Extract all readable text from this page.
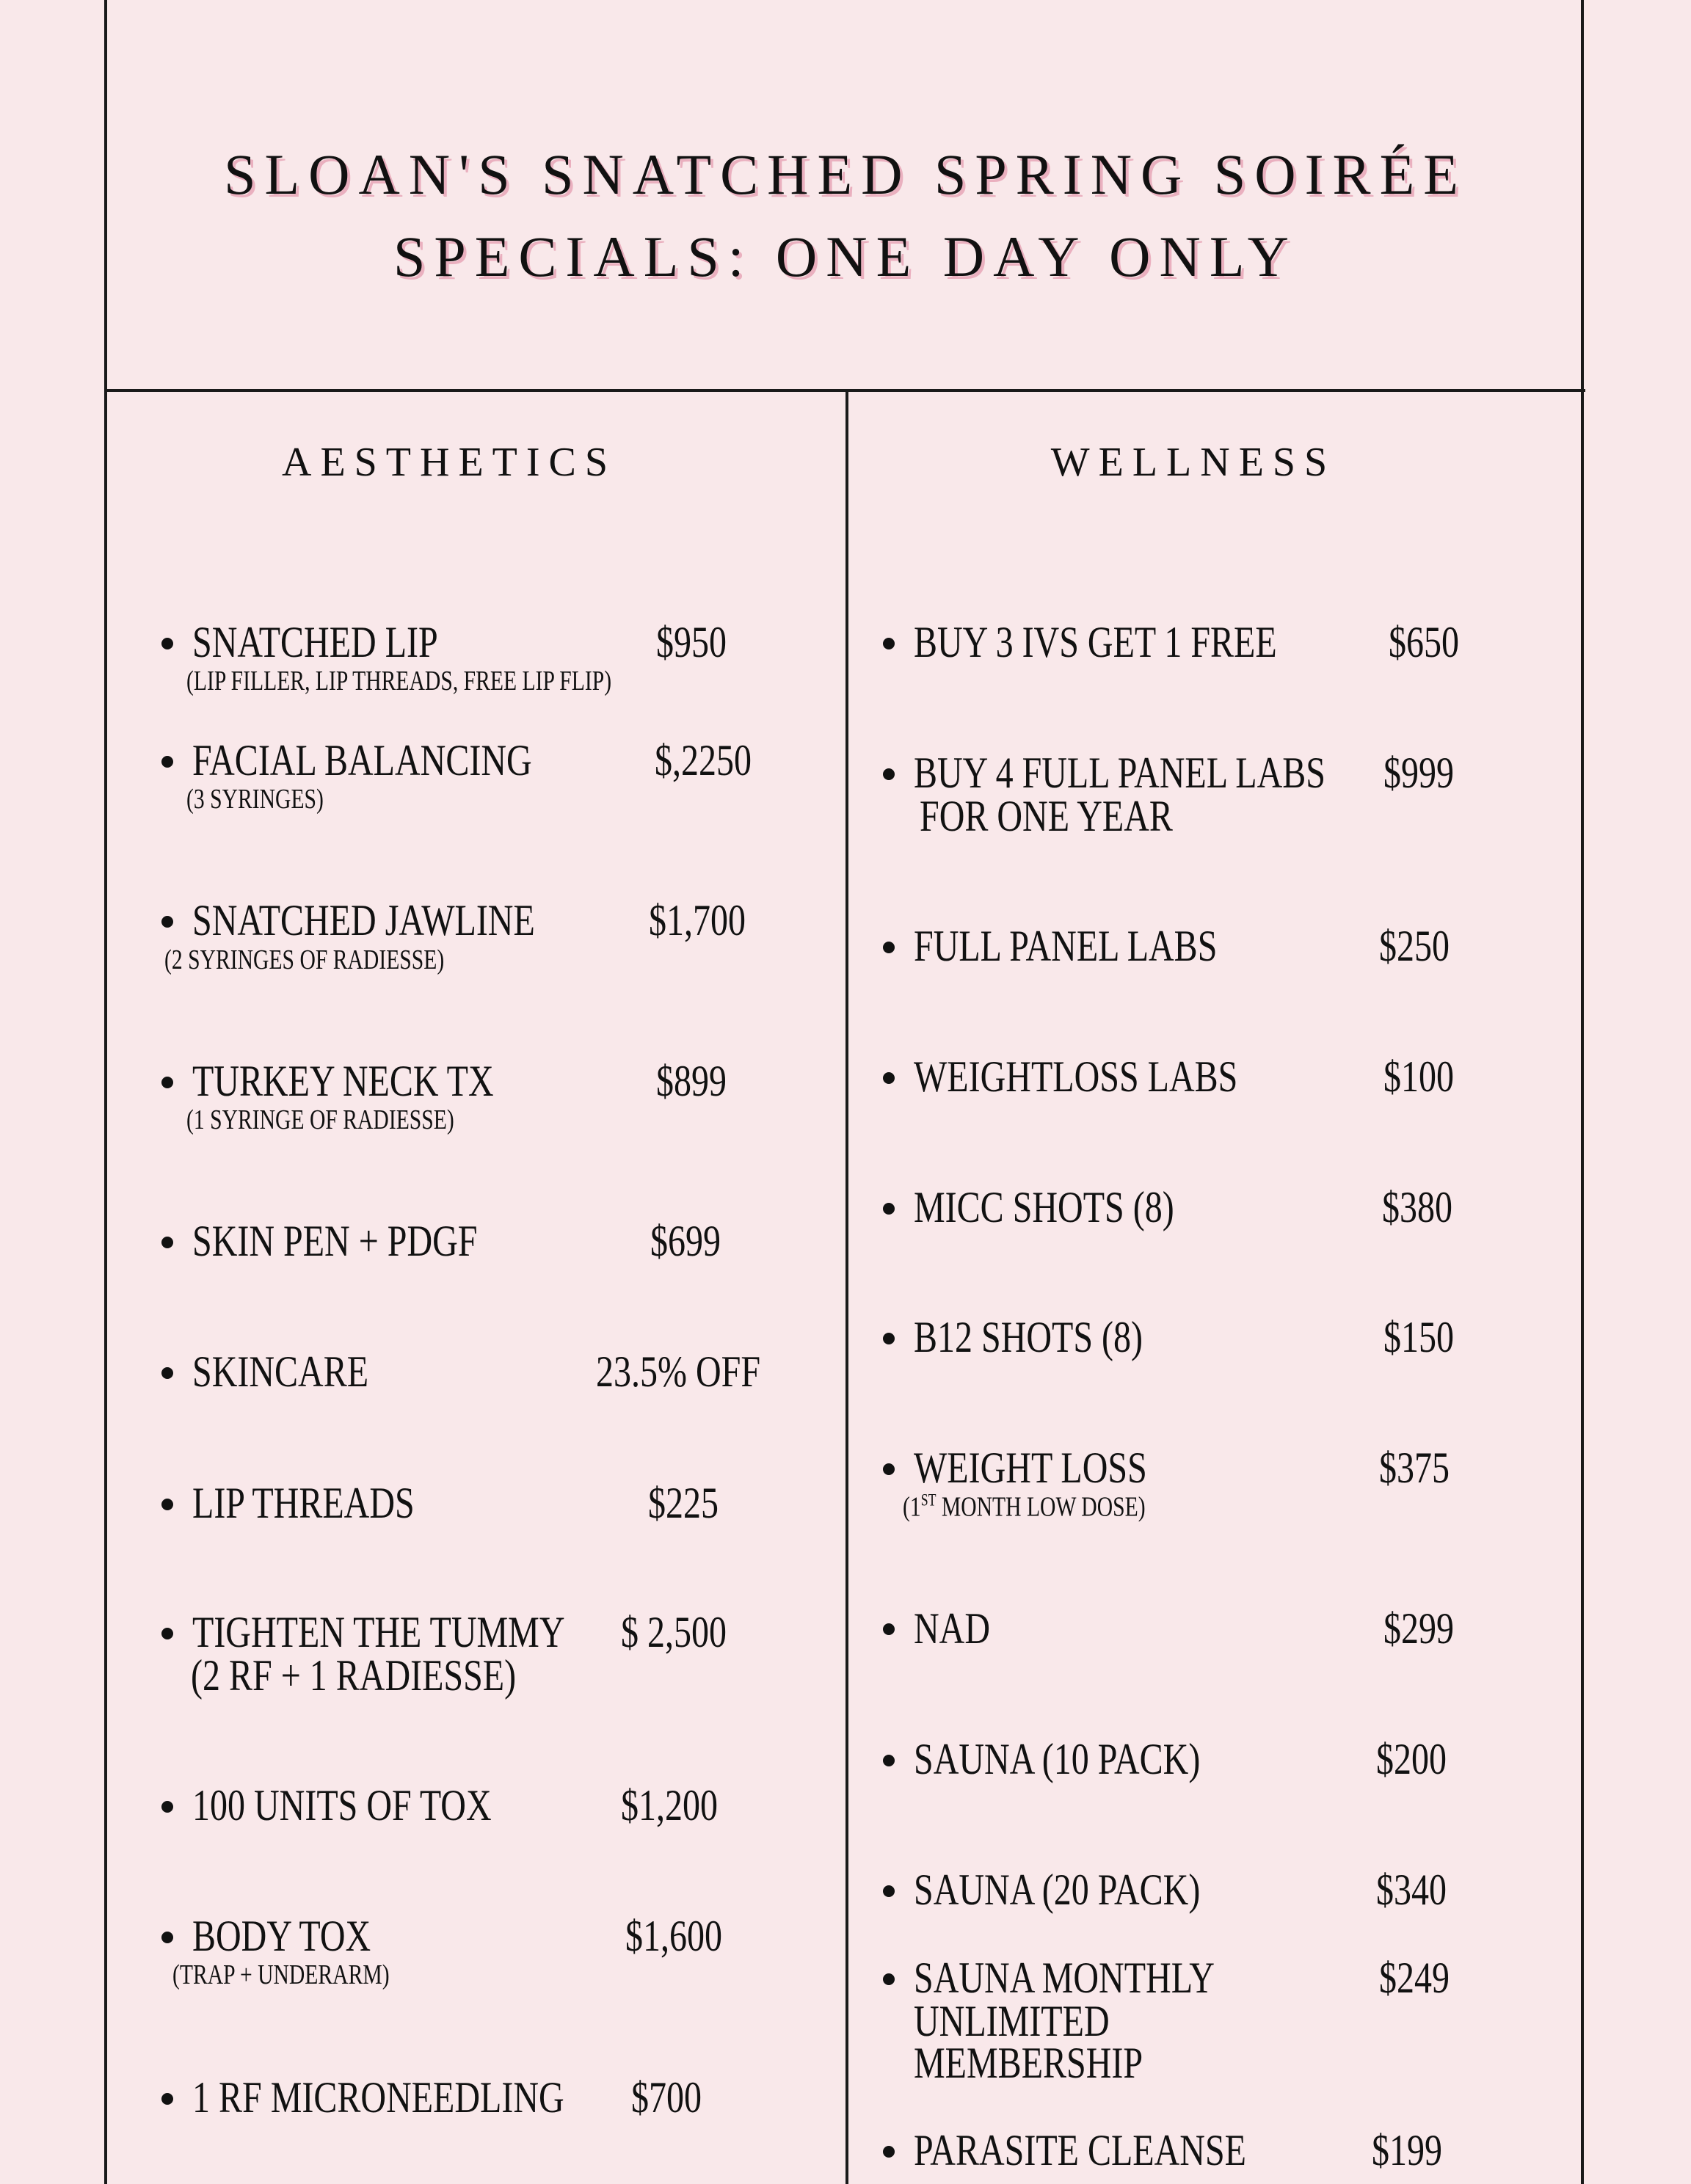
SLOAN'S SNATCHED SPRING SOIRÉE
SPECIALS: ONE DAY ONLY
AESTHETICS	WELLNESS
SNATCHED LIP	$950
(LIP FILLER, LIP THREADS, FREE LIP FLIP)
FACIAL BALANCING	$,2250
(3 SYRINGES)
SNATCHED JAWLINE	$1,700
(2 SYRINGES OF RADIESSE)
TURKEY NECK TX	$899
(1 SYRINGE OF RADIESSE)
SKIN PEN + PDGF	$699
SKINCARE	23.5% OFF
LIP THREADS	$225
TIGHTEN THE TUMMY $ 2,500
(2 RF + 1 RADIESSE)
100 UNITS OF TOX	$1,200
BODY TOX	$1,600
(TRAP + UNDERARM)
1 RF MICRONEEDLING $700
BUY 3 IVS GET 1 FREE	$650
BUY 4 FULL PANEL LABS $999
FOR ONE YEAR
FULL PANEL LABS	$250
WEIGHTLOSS LABS	$100
MICC SHOTS (8)	$380
B12 SHOTS (8)	$150
WEIGHT LOSS	$375
(1ST MONTH LOW DOSE)
NAD	$299
SAUNA (10 PACK)	$200
SAUNA (20 PACK)	$340
SAUNA MONTHLY	$249
UNLIMITED
MEMBERSHIP
PARASITE CLEANSE	$199
